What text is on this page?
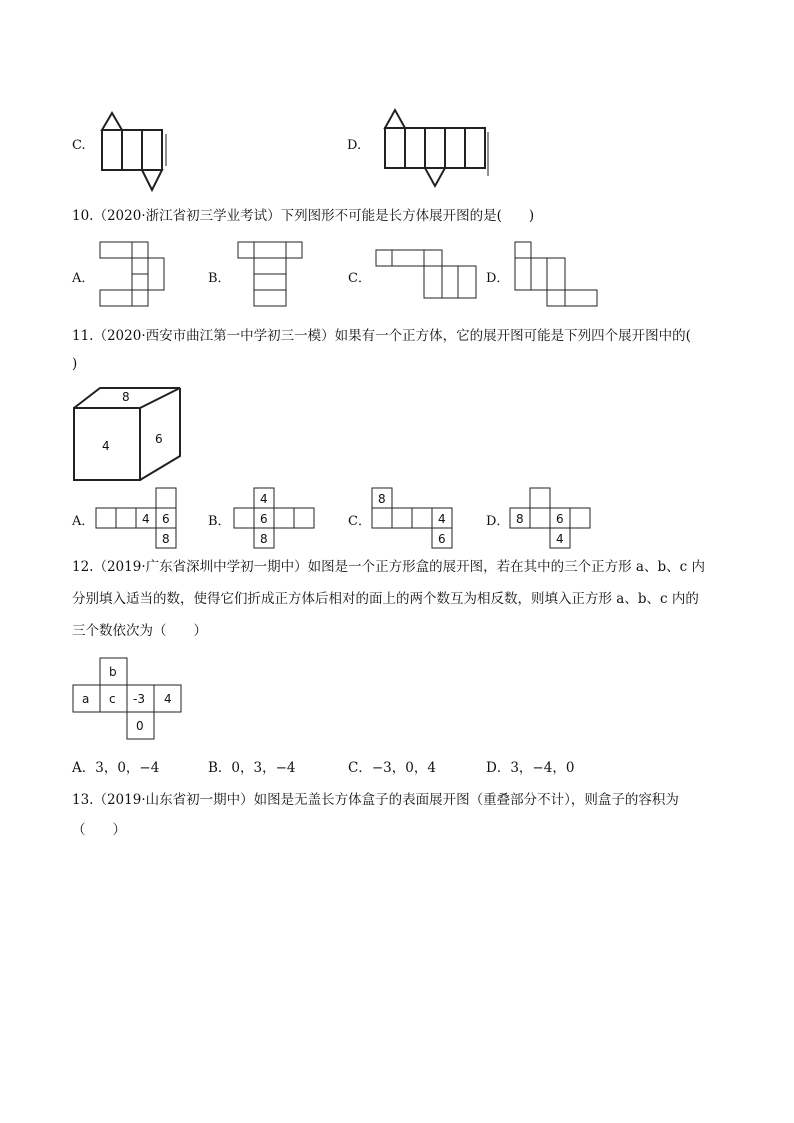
C.	D.
10.（2020·浙江省初三学业考试）下列图形不可能是长方体展开图的是(　　)
A．	B．	C．	D．
11.（2020·西安市曲江第一中学初三一模）如果有一个正方体，它的展开图可能是下列四个展开图中的(
)
8
4	6
A．	4 6
8
B．
4
6
8
C．
8
4
6
D． 8	6
4
12.（2019·广东省深圳中学初一期中）如图是一个正方形盒的展开图，若在其中的三个正方形 a、b、c 内
分别填入适当的数，使得它们折成正方体后相对的面上的两个数互为相反数，则填入正方形 a、b、c 内的
三个数依次为（　　）
b
a c -3 4
0
A．3，0，−4	B．0，3，−4	C．−3，0，4	D．3，−4，0
13.（2019·山东省初一期中）如图是无盖长方体盒子的表面展开图（重叠部分不计），则盒子的容积为
（　　）
